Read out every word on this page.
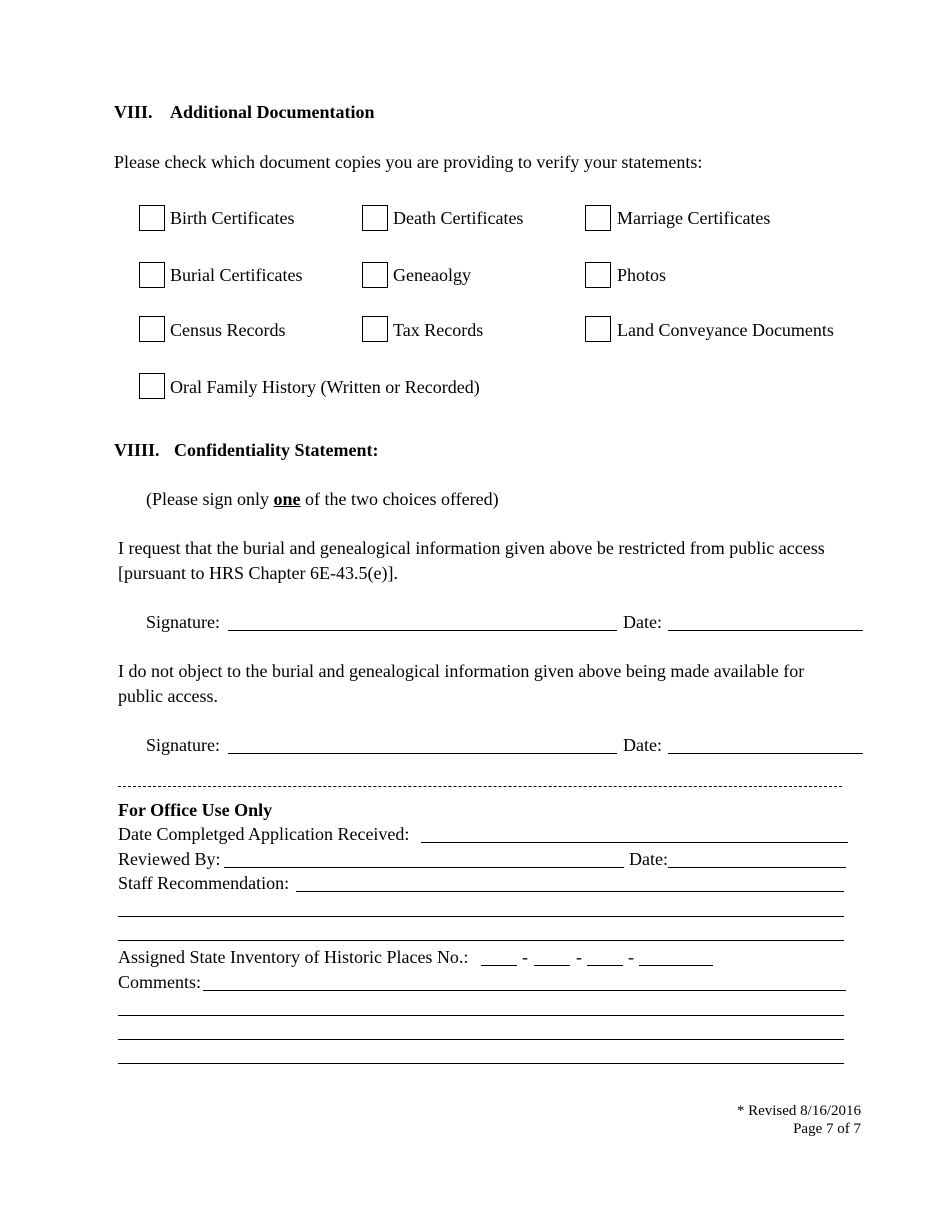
VIII. Additional Documentation
Please check which document copies you are providing to verify your statements:
Birth Certificates	Death Certificates	Marriage Certificates
Burial Certificates	Geneaolgy	Photos
Census Records	Tax Records	Land Conveyance Documents
Oral Family History (Written or Recorded)
VIIII. Confidentiality Statement:
(Please sign only one of the two choices offered)
I request that the burial and genealogical information given above be restricted from public access
[pursuant to HRS Chapter 6E-43.5(e)].
Signature:	Date:
I do not object to the burial and genealogical information given above being made available for
public access.
Signature:	Date:
For Office Use Only
Date Completged Application Received:
Reviewed By:	Date:
Staff Recommendation:
Assigned State Inventory of Historic Places No.:	-	-	-
Comments:
* Revised 8/16/2016
Page 7 of 7
